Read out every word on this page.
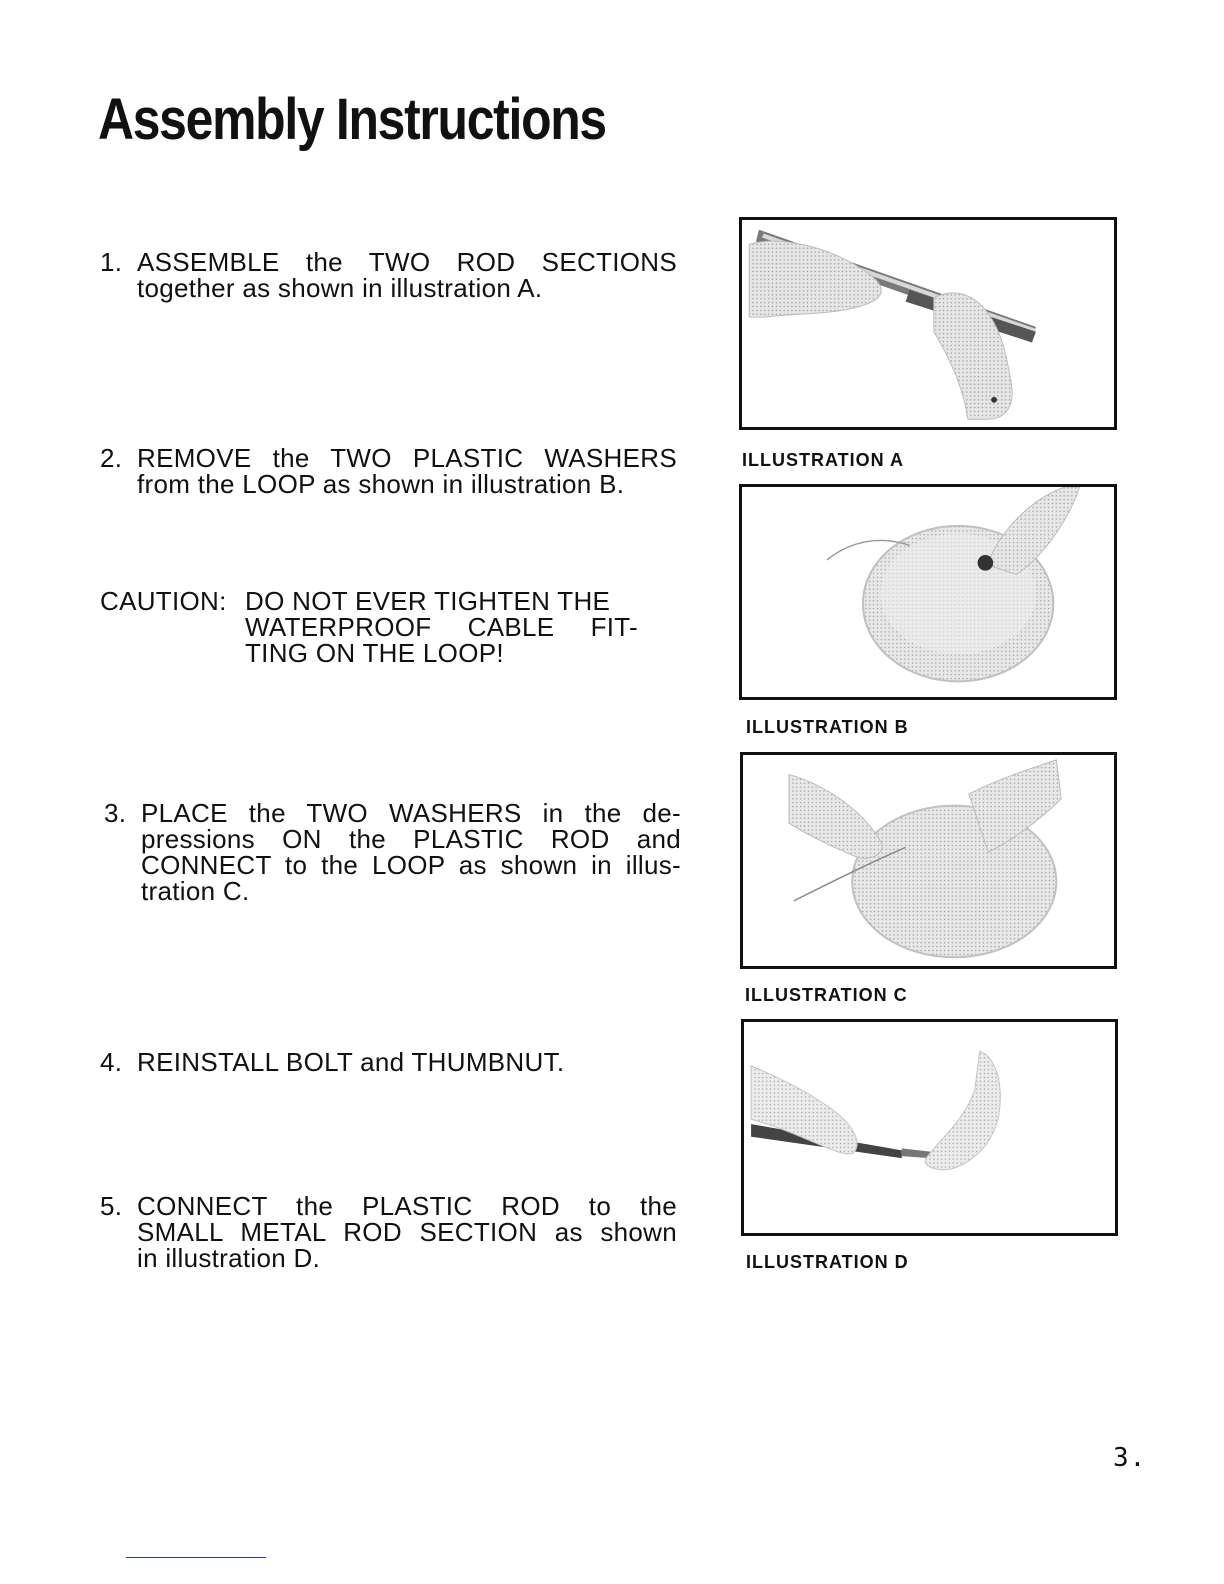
Assembly Instructions
1. ASSEMBLE the TWO ROD SECTIONS
together as shown in illustration A.
2. REMOVE the TWO PLASTIC WASHERS
from the LOOP as shown in illustration B.
CAUTION: DO NOT EVER TIGHTEN THE
WATERPROOF CABLE FIT-
TING ON THE LOOP!
3. PLACE the TWO WASHERS in the de-
pressions ON the PLASTIC ROD and
CONNECT to the LOOP as shown in illus-
tration C.
4. REINSTALL BOLT and THUMBNUT.
5. CONNECT the PLASTIC ROD to the
SMALL METAL ROD SECTION as shown
in illustration D.
ILLUSTRATION A
ILLUSTRATION B
ILLUSTRATION C
ILLUSTRATION D
3.
